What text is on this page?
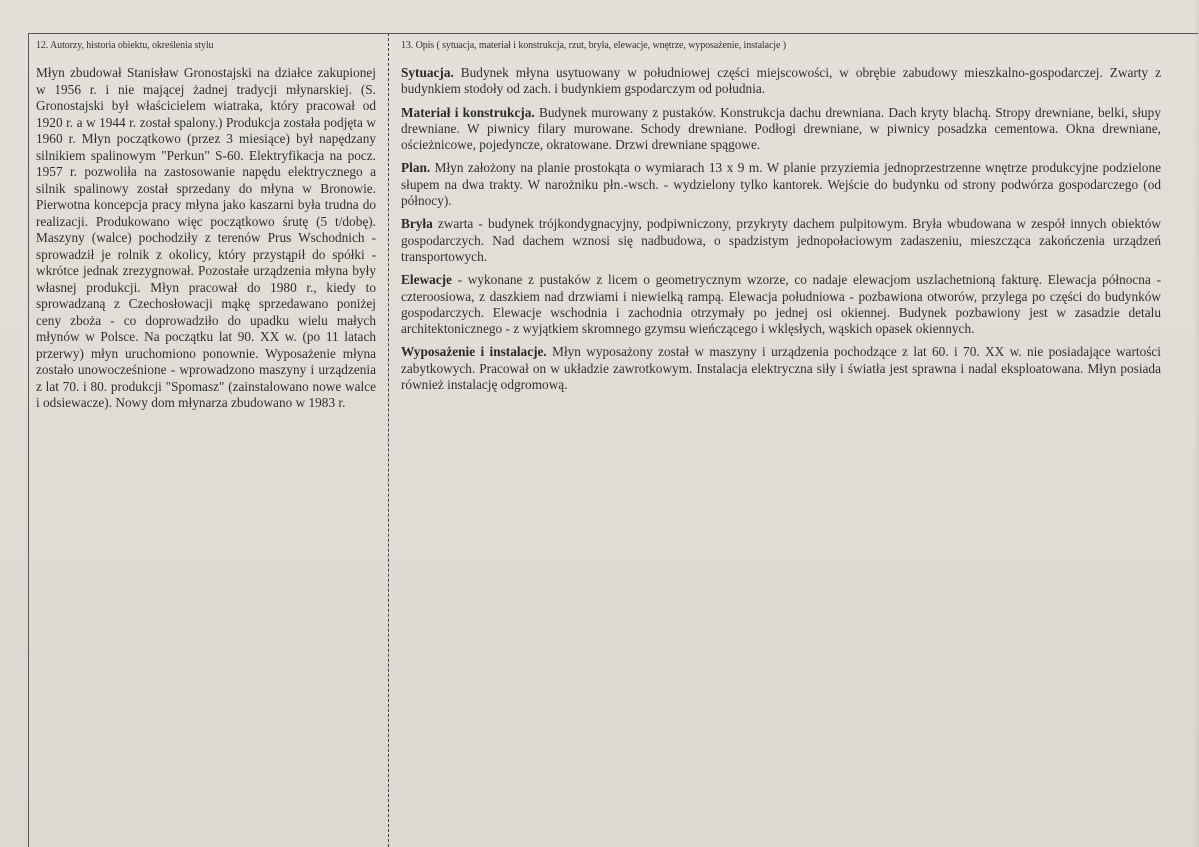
12. Autorzy, historia obiektu, określenia stylu

Młyn zbudował Stanisław Gronostajski na działce zakupionej w 1956 r. i nie mającej żadnej tradycji młynarskiej. (S. Gronostajski był właścicielem wiatraka, który pracował od 1920 r. a w 1944 r. został spalony.) Produkcja została podjęta w 1960 r. Młyn początkowo (przez 3 miesiące) był napędzany silnikiem spalinowym "Perkun" S-60. Elektryfikacja na pocz. 1957 r. pozwoliła na zastosowanie napędu elektrycznego a silnik spalinowy został sprzedany do młyna w Bronowie. Pierwotna koncepcja pracy młyna jako kaszarni była trudna do realizacji. Produkowano więc początkowo śrutę (5 t/dobę). Maszyny (walce) pochodziły z terenów Prus Wschodnich - sprowadził je rolnik z okolicy, który przystąpił do spółki - wkrótce jednak zrezygnował. Pozostałe urządzenia młyna były własnej produkcji. Młyn pracował do 1980 r., kiedy to sprowadzaną z Czechosłowacji mąkę sprzedawano poniżej ceny zboża - co doprowadziło do upadku wielu małych młynów w Polsce. Na początku lat 90. XX w. (po 11 latach przerwy) młyn uruchomiono ponownie. Wyposażenie młyna zostało unowocześnione - wprowadzono maszyny i urządzenia z lat 70. i 80. produkcji "Spomasz" (zainstalowano nowe walce i odsiewacze). Nowy dom młynarza zbudowano w 1983 r.

13. Opis ( sytuacja, materiał i konstrukcja, rzut, bryła, elewacje, wnętrze, wyposażenie, instalacje )

Sytuacja. Budynek młyna usytuowany w południowej części miejscowości, w obrębie zabudowy mieszkalno-gospodarczej. Zwarty z budynkiem stodoły od zach. i budynkiem gspodarczym od południa.

Materiał i konstrukcja. Budynek murowany z pustaków. Konstrukcja dachu drewniana. Dach kryty blachą. Stropy drewniane, belki, słupy drewniane. W piwnicy filary murowane. Schody drewniane. Podłogi drewniane, w piwnicy posadzka cementowa. Okna drewniane, ościeżnicowe, pojedyncze, okratowane. Drzwi drewniane spągowe.

Plan. Młyn założony na planie prostokąta o wymiarach 13 x 9 m. W planie przyziemia jednoprzestrzenne wnętrze produkcyjne podzielone słupem na dwa trakty. W narożniku płn.-wsch. - wydzielony tylko kantorek. Wejście do budynku od strony podwórza gospodarczego (od północy).

Bryła zwarta - budynek trójkondygnacyjny, podpiwniczony, przykryty dachem pulpitowym. Bryła wbudowana w zespół innych obiektów gospodarczych. Nad dachem wznosi się nadbudowa, o spadzistym jednopołaciowym zadaszeniu, mieszcząca zakończenia urządzeń transportowych.

Elewacje - wykonane z pustaków z licem o geometrycznym wzorze, co nadaje elewacjom uszlachetnioną fakturę. Elewacja północna - czteroosiowa, z daszkiem nad drzwiami i niewielką rampą. Elewacja południowa - pozbawiona otworów, przylega po części do budynków gospodarczych. Elewacje wschodnia i zachodnia otrzymały po jednej osi okiennej. Budynek pozbawiony jest w zasadzie detalu architektonicznego - z wyjątkiem skromnego gzymsu wieńczącego i wklęsłych, wąskich opasek okiennych.

Wyposażenie i instalacje. Młyn wyposażony został w maszyny i urządzenia pochodzące z lat 60. i 70. XX w. nie posiadające wartości zabytkowych. Pracował on w układzie zawrotkowym. Instalacja elektryczna siły i światła jest sprawna i nadal eksploatowana. Młyn posiada również instalację odgromową.
